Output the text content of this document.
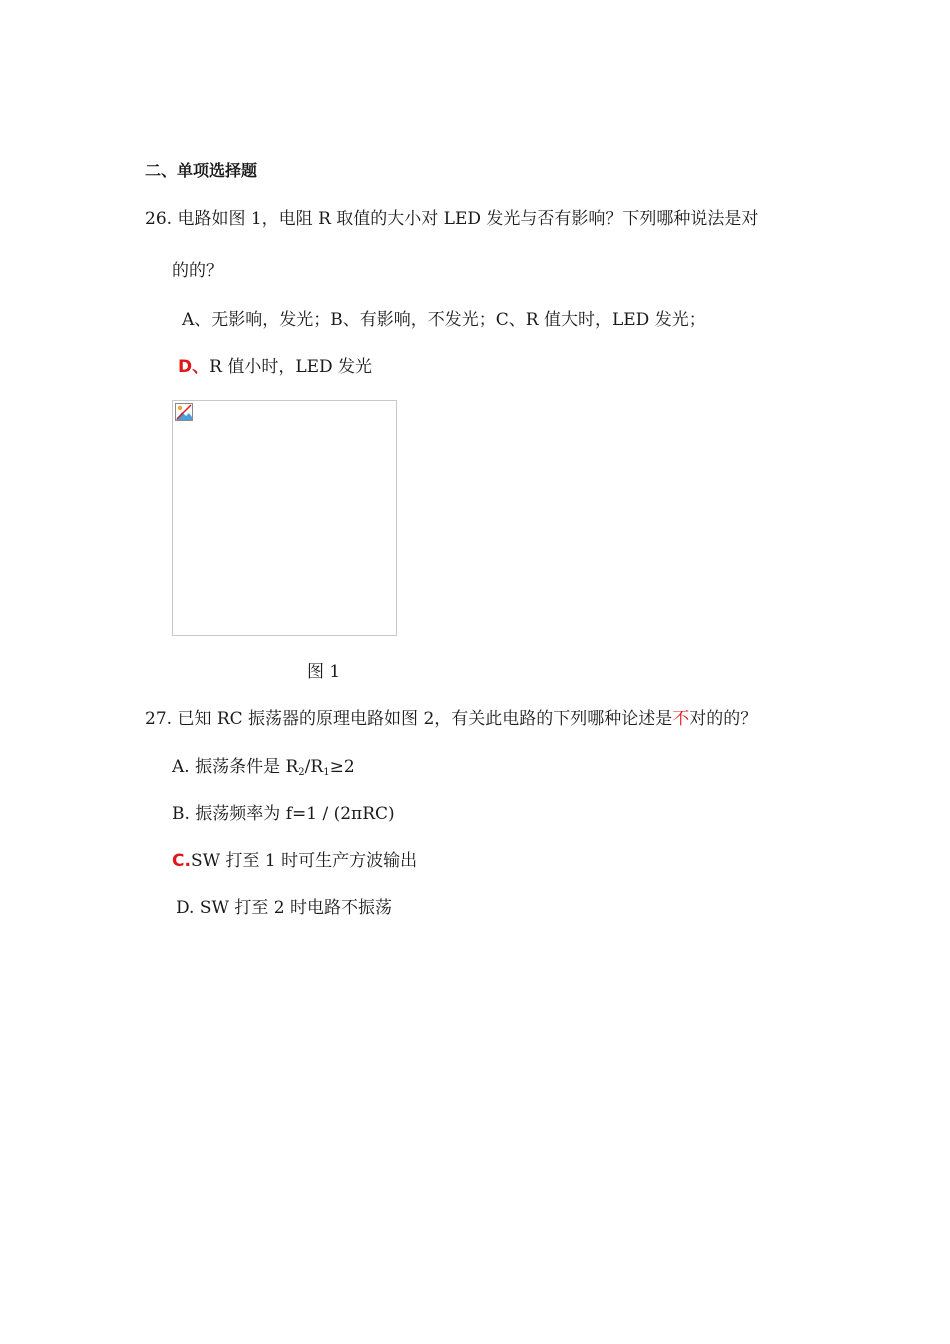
二、单项选择题
26. 电路如图 1，电阻 R 取值的大小对 LED 发光与否有影响？下列哪种说法是对
的的？
A、无影响，发光；B、有影响，不发光；C、R 值大时，LED 发光；
D、R 值小时，LED 发光
图 1
27. 已知 RC 振荡器的原理电路如图 2，有关此电路的下列哪种论述是不对的的？
A. 振荡条件是 $R_2/R_1\ge 2$
B. 振荡频率为 f=1 / (2πRC)
C.SW 打至 1 时可生产方波输出
D. SW 打至 2 时电路不振荡
